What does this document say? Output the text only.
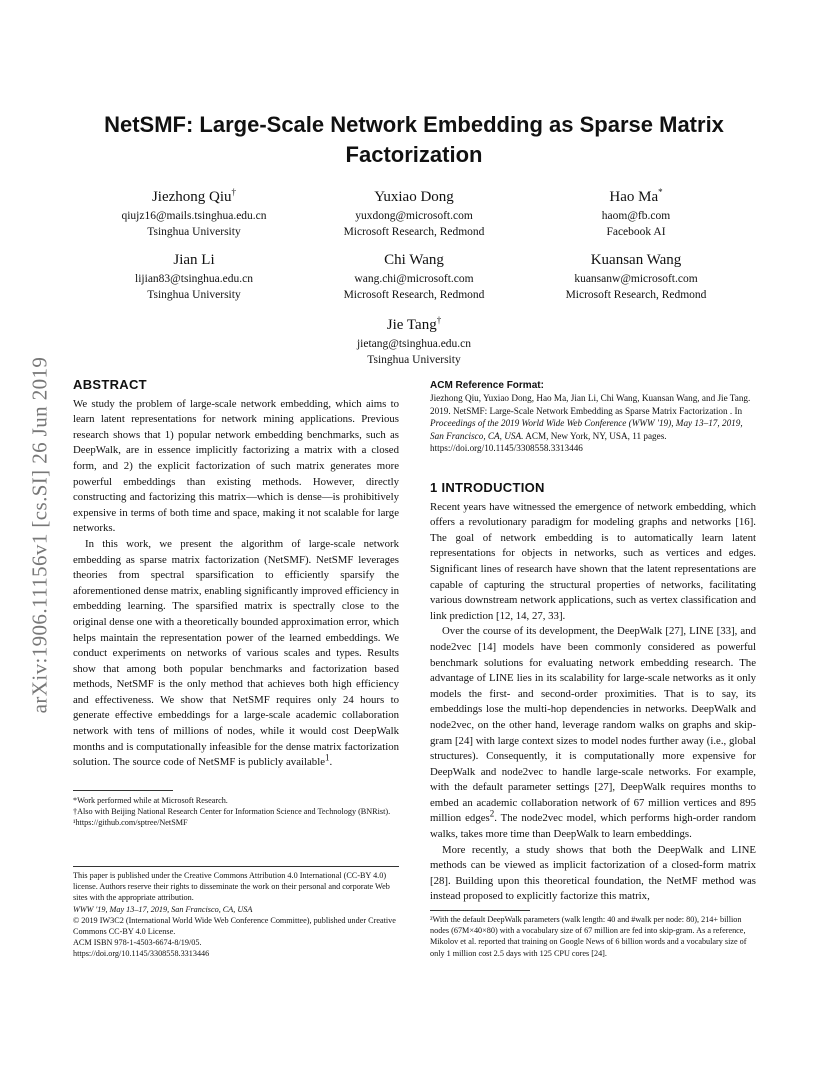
arXiv:1906.11156v1 [cs.SI] 26 Jun 2019
NetSMF: Large-Scale Network Embedding as Sparse Matrix Factorization
Jiezhong Qiu†
qiujz16@mails.tsinghua.edu.cn
Tsinghua University
Yuxiao Dong
yuxdong@microsoft.com
Microsoft Research, Redmond
Hao Ma*
haom@fb.com
Facebook AI
Jian Li
lijian83@tsinghua.edu.cn
Tsinghua University
Chi Wang
wang.chi@microsoft.com
Microsoft Research, Redmond
Kuansan Wang
kuansanw@microsoft.com
Microsoft Research, Redmond
Jie Tang†
jietang@tsinghua.edu.cn
Tsinghua University
ABSTRACT

We study the problem of large-scale network embedding, which aims to learn latent representations for network mining applications. Previous research shows that 1) popular network embedding benchmarks, such as DeepWalk, are in essence implicitly factorizing a matrix with a closed form, and 2) the explicit factorization of such matrix generates more powerful embeddings than existing methods. However, directly constructing and factorizing this matrix—which is dense—is prohibitively expensive in terms of both time and space, making it not scalable for large networks.

In this work, we present the algorithm of large-scale network embedding as sparse matrix factorization (NetSMF). NetSMF leverages theories from spectral sparsification to efficiently sparsify the aforementioned dense matrix, enabling significantly improved efficiency in embedding learning. The sparsified matrix is spectrally close to the original dense one with a theoretically bounded approximation error, which helps maintain the representation power of the learned embeddings. We conduct experiments on networks of various scales and types. Results show that among both popular benchmarks and factorization based methods, NetSMF is the only method that achieves both high efficiency and effectiveness. We show that NetSMF requires only 24 hours to generate effective embeddings for a large-scale academic collaboration network with tens of millions of nodes, while it would cost DeepWalk months and is computationally infeasible for the dense matrix factorization solution. The source code of NetSMF is publicly available$^1$.

*Work performed while at Microsoft Research.
†Also with Beijing National Research Center for Information Science and Technology (BNRist).
¹https://github.com/sptree/NetSMF
This paper is published under the Creative Commons Attribution 4.0 International (CC-BY 4.0) license. Authors reserve their rights to disseminate the work on their personal and corporate Web sites with the appropriate attribution.
WWW '19, May 13–17, 2019, San Francisco, CA, USA
© 2019 IW3C2 (International World Wide Web Conference Committee), published under Creative Commons CC-BY 4.0 License.
ACM ISBN 978-1-4503-6674-8/19/05.
https://doi.org/10.1145/3308558.3313446
ACM Reference Format:
Jiezhong Qiu, Yuxiao Dong, Hao Ma, Jian Li, Chi Wang, Kuansan Wang, and Jie Tang. 2019. NetSMF: Large-Scale Network Embedding as Sparse Matrix Factorization . In Proceedings of the 2019 World Wide Web Conference (WWW '19), May 13–17, 2019, San Francisco, CA, USA. ACM, New York, NY, USA, 11 pages. https://doi.org/10.1145/3308558.3313446
1 INTRODUCTION

Recent years have witnessed the emergence of network embedding, which offers a revolutionary paradigm for modeling graphs and networks [16]. The goal of network embedding is to automatically learn latent representations for objects in networks, such as vertices and edges. Significant lines of research have shown that the latent representations are capable of capturing the structural properties of networks, facilitating various downstream network applications, such as vertex classification and link prediction [12, 14, 27, 33].

Over the course of its development, the DeepWalk [27], LINE [33], and node2vec [14] models have been commonly considered as powerful benchmark solutions for evaluating network embedding research. The advantage of LINE lies in its scalability for large-scale networks as it only models the first- and second-order proximities. That is to say, its embeddings lose the multi-hop dependencies in networks. DeepWalk and node2vec, on the other hand, leverage random walks on graphs and skip-gram [24] with large context sizes to model nodes further away (i.e., global structures). Consequently, it is computationally more expensive for DeepWalk and node2vec to handle large-scale networks. For example, with the default parameter settings [27], DeepWalk requires months to embed an academic collaboration network of 67 million vertices and 895 million edges$^2$. The node2vec model, which performs high-order random walks, takes more time than DeepWalk to learn embeddings.

More recently, a study shows that both the DeepWalk and LINE methods can be viewed as implicit factorization of a closed-form matrix [28]. Building upon this theoretical foundation, the NetMF method was instead proposed to explicitly factorize this matrix,

²With the default DeepWalk parameters (walk length: 40 and #walk per node: 80), 214+ billion nodes (67M×40×80) with a vocabulary size of 67 million are fed into skip-gram. As a reference, Mikolov et al. reported that training on Google News of 6 billion words and a vocabulary size of only 1 million cost 2.5 days with 125 CPU cores [24].
